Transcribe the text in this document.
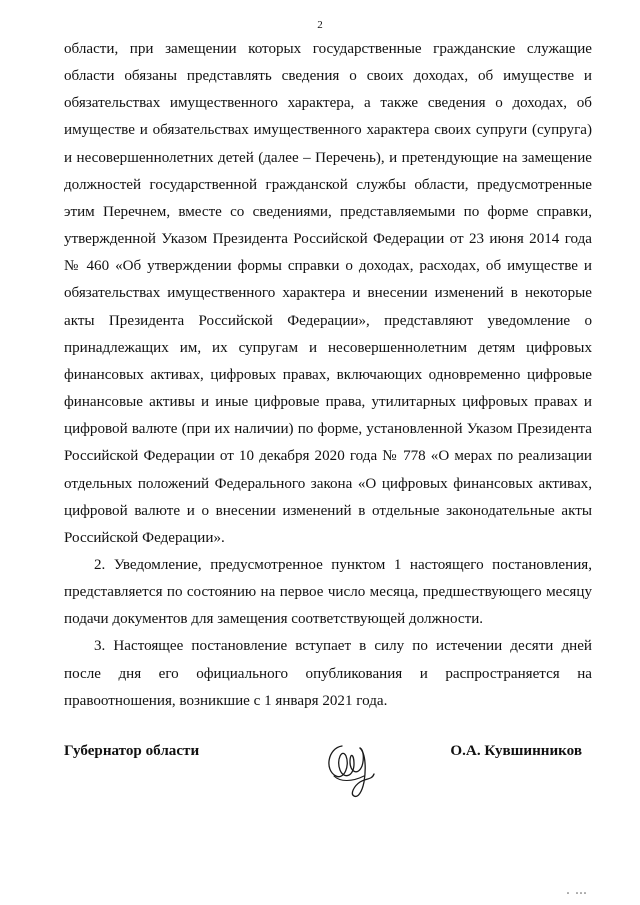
2

области, при замещении которых государственные гражданские служащие области обязаны представлять сведения о своих доходах, об имуществе и обязательствах имущественного характера, а также сведения о доходах, об имуществе и обязательствах имущественного характера своих супруги (супруга) и несовершеннолетних детей (далее – Перечень), и претендующие на замещение должностей государственной гражданской службы области, предусмотренные этим Перечнем, вместе со сведениями, представляемыми по форме справки, утвержденной Указом Президента Российской Федерации от 23 июня 2014 года № 460 «Об утверждении формы справки о доходах, расходах, об имуществе и обязательствах имущественного характера и внесении изменений в некоторые акты Президента Российской Федерации», представляют уведомление о принадлежащих им, их супругам и несовершеннолетним детям цифровых финансовых активах, цифровых правах, включающих одновременно цифровые финансовые активы и иные цифровые права, утилитарных цифровых правах и цифровой валюте (при их наличии) по форме, установленной Указом Президента Российской Федерации от 10 декабря 2020 года № 778 «О мерах по реализации отдельных положений Федерального закона «О цифровых финансовых активах, цифровой валюте и о внесении изменений в отдельные законодательные акты Российской Федерации».

2. Уведомление, предусмотренное пунктом 1 настоящего постановления, представляется по состоянию на первое число месяца, предшествующего месяцу подачи документов для замещения соответствующей должности.

3. Настоящее постановление вступает в силу по истечении десяти дней после дня его официального опубликования и распространяется на правоотношения, возникшие с 1 января 2021 года.

Губернатор области	О.А. Кувшинников
